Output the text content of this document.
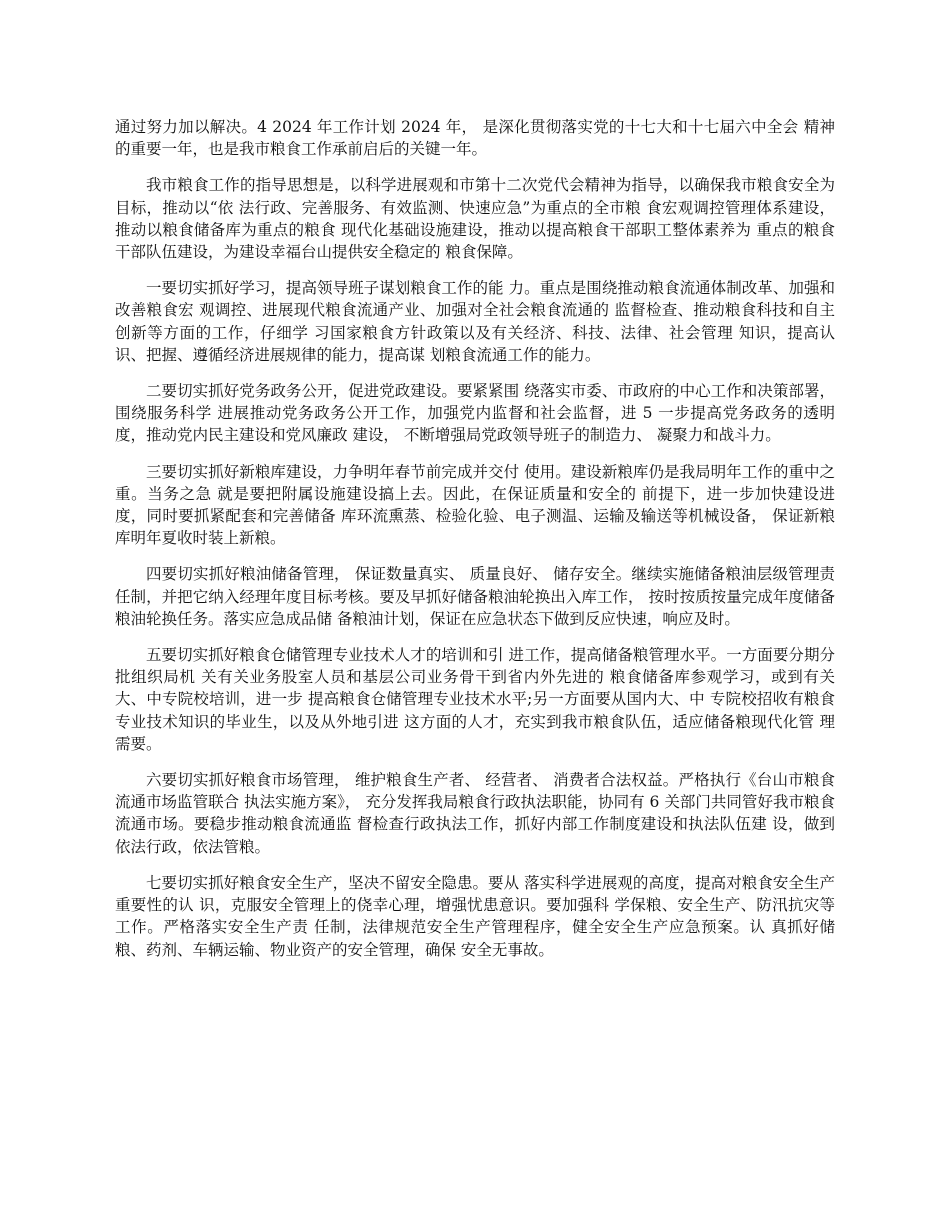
通过努力加以解决。4 2024 年工作计划 2024 年， 是深化贯彻落实党的十七大和十七届六中全会 精神的重要一年，也是我市粮食工作承前启后的关键一年。

我市粮食工作的指导思想是，以科学进展观和市第十二次党代会精神为指导，以确保我市粮食安全为目标，推动以“依 法行政、完善服务、有效监测、快速应急”为重点的全市粮 食宏观调控管理体系建设，推动以粮食储备库为重点的粮食 现代化基础设施建设，推动以提高粮食干部职工整体素养为 重点的粮食干部队伍建设，为建设幸福台山提供安全稳定的 粮食保障。

一要切实抓好学习，提高领导班子谋划粮食工作的能 力。重点是围绕推动粮食流通体制改革、加强和改善粮食宏 观调控、进展现代粮食流通产业、加强对全社会粮食流通的 监督检查、推动粮食科技和自主创新等方面的工作，仔细学 习国家粮食方针政策以及有关经济、科技、法律、社会管理 知识，提高认识、把握、遵循经济进展规律的能力，提高谋 划粮食流通工作的能力。

二要切实抓好党务政务公开，促进党政建设。要紧紧围 绕落实市委、市政府的中心工作和决策部署，围绕服务科学 进展推动党务政务公开工作，加强党内监督和社会监督，进 5 一步提高党务政务的透明度，推动党内民主建设和党风廉政 建设， 不断增强局党政领导班子的制造力、 凝聚力和战斗力。

三要切实抓好新粮库建设，力争明年春节前完成并交付 使用。建设新粮库仍是我局明年工作的重中之重。当务之急 就是要把附属设施建设搞上去。因此，在保证质量和安全的 前提下，进一步加快建设进度，同时要抓紧配套和完善储备 库环流熏蒸、检验化验、电子测温、运输及输送等机械设备， 保证新粮库明年夏收时装上新粮。

四要切实抓好粮油储备管理， 保证数量真实、 质量良好、 储存安全。继续实施储备粮油层级管理责任制，并把它纳入经理年度目标考核。要及早抓好储备粮油轮换出入库工作， 按时按质按量完成年度储备粮油轮换任务。落实应急成品储 备粮油计划，保证在应急状态下做到反应快速，响应及时。

五要切实抓好粮食仓储管理专业技术人才的培训和引 进工作，提高储备粮管理水平。一方面要分期分批组织局机 关有关业务股室人员和基层公司业务骨干到省内外先进的 粮食储备库参观学习，或到有关大、中专院校培训，进一步 提高粮食仓储管理专业技术水平;另一方面要从国内大、中 专院校招收有粮食专业技术知识的毕业生，以及从外地引进 这方面的人才，充实到我市粮食队伍，适应储备粮现代化管 理需要。

六要切实抓好粮食市场管理， 维护粮食生产者、 经营者、 消费者合法权益。严格执行《台山市粮食流通市场监管联合 执法实施方案》， 充分发挥我局粮食行政执法职能，协同有 6 关部门共同管好我市粮食流通市场。要稳步推动粮食流通监 督检查行政执法工作，抓好内部工作制度建设和执法队伍建 设，做到依法行政，依法管粮。

七要切实抓好粮食安全生产，坚决不留安全隐患。要从 落实科学进展观的高度，提高对粮食安全生产重要性的认 识，克服安全管理上的侥幸心理，增强忧患意识。要加强科 学保粮、安全生产、防汛抗灾等工作。严格落实安全生产责 任制，法律规范安全生产管理程序，健全安全生产应急预案。认 真抓好储粮、药剂、车辆运输、物业资产的安全管理，确保 安全无事故。
